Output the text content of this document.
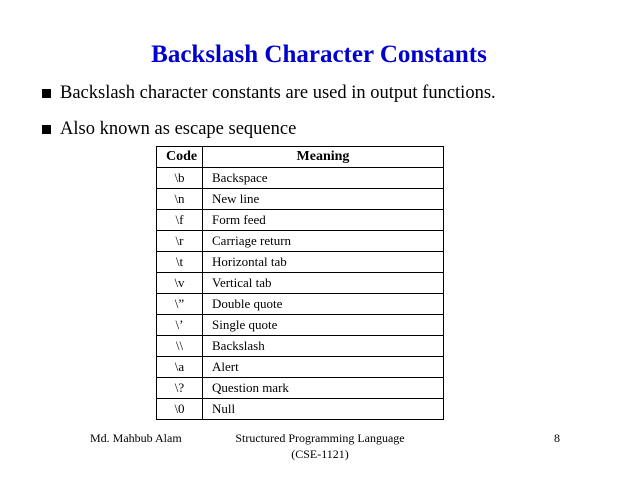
Backslash Character Constants
Backslash character constants are used in output functions.
Also known as escape sequence
Code	Meaning
\b	Backspace
\n	New line
\f	Form feed
\r	Carriage return
\t	Horizontal tab
\v	Vertical tab
\”	Double quote
\’	Single quote
\\	Backslash
\a	Alert
\?	Question mark
\0	Null
Md. Mahbub Alam	Structured Programming Language
(CSE-1121)
8
